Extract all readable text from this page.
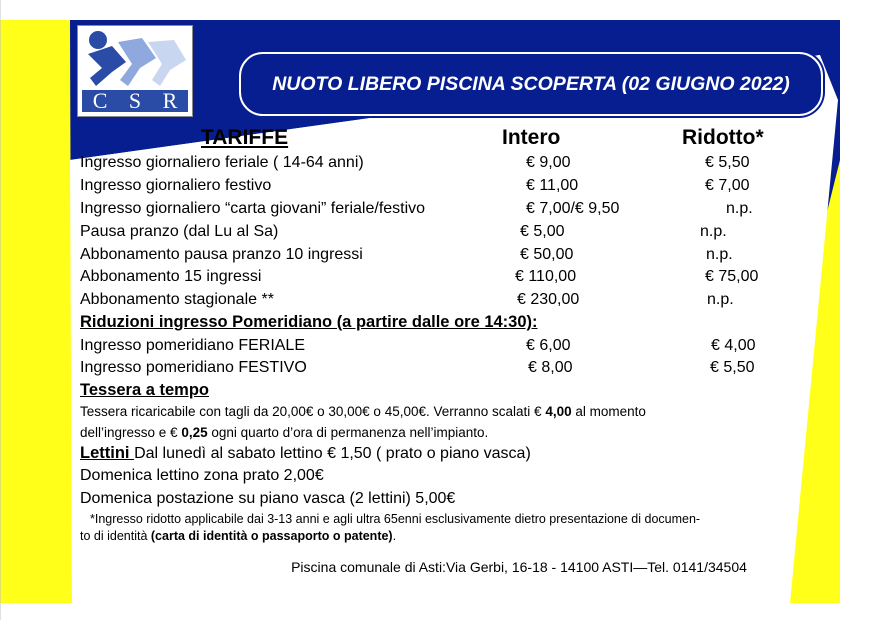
C S R
NUOTO LIBERO PISCINA SCOPERTA (02 GIUGNO 2022)
TARIFFE	Intero	Ridotto*
Ingresso giornaliero feriale ( 14-64 anni)	€ 9,00	€ 5,50
Ingresso giornaliero festivo	€ 11,00	€ 7,00
Ingresso giornaliero “carta giovani” feriale/festivo	€ 7,00/€ 9,50	n.p.
Pausa pranzo (dal Lu al Sa)	€ 5,00	n.p.
Abbonamento pausa pranzo 10 ingressi	€ 50,00	n.p.
Abbonamento 15 ingressi	€ 110,00	€ 75,00
Abbonamento stagionale **	€ 230,00	n.p.
Riduzioni ingresso Pomeridiano (a partire dalle ore 14:30):
Ingresso pomeridiano FERIALE	€ 6,00	€ 4,00
Ingresso pomeridiano FESTIVO	€ 8,00	€ 5,50
Tessera a tempo
Tessera ricaricabile con tagli da 20,00€ o 30,00€ o 45,00€. Verranno scalati € 4,00 al momento
dell’ingresso e € 0,25 ogni quarto d’ora di permanenza nell’impianto.
Lettini Dal lunedì al sabato lettino € 1,50 ( prato o piano vasca)
Domenica lettino zona prato 2,00€
Domenica postazione su piano vasca (2 lettini) 5,00€
*Ingresso ridotto applicabile dai 3-13 anni e agli ultra 65enni esclusivamente dietro presentazione di documen-
to di identità (carta di identità o passaporto o patente).
Piscina comunale di Asti:Via Gerbi, 16-18 - 14100 ASTI—Tel. 0141/34504
